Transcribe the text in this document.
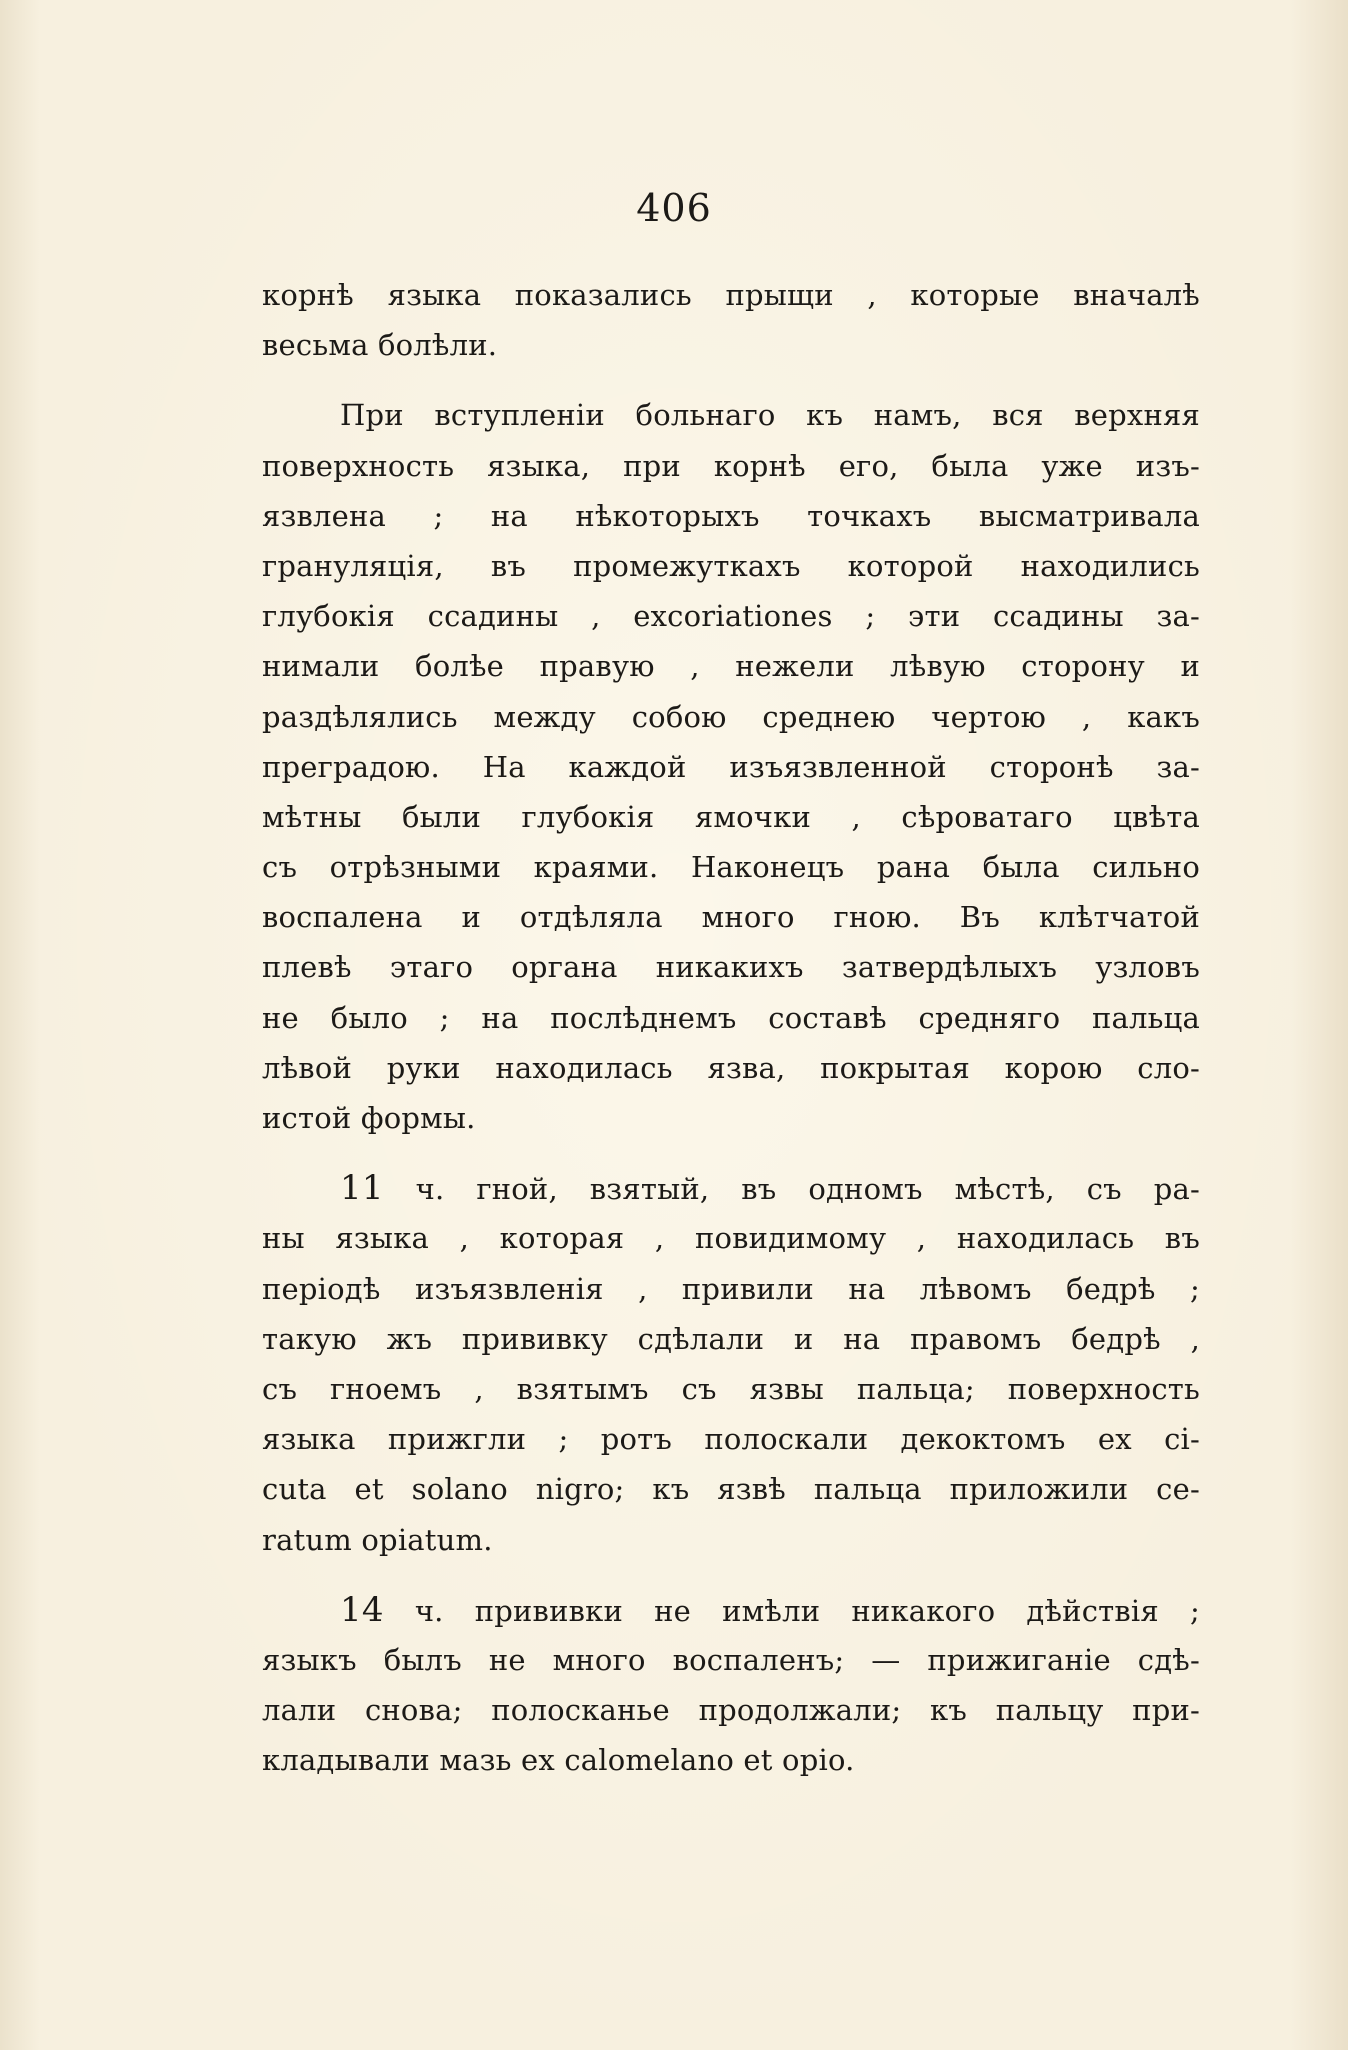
406
корнѣ языка показались прыщи , которые вначалѣ
весьма болѣли.
При вступленіи больнаго къ намъ, вся верхняя
поверхность языка, при корнѣ его, была уже изъ-
язвлена ; на нѣкоторыхъ точкахъ высматривала
грануляція, въ промежуткахъ которой находились
глубокія ссадины , excoriationes ; эти ссадины за-
нимали болѣе правую , нежели лѣвую сторону и
раздѣлялись между собою среднею чертою , какъ
преградою. На каждой изъязвленной сторонѣ за-
мѣтны были глубокія ямочки , сѣроватаго цвѣта
съ отрѣзными краями. Наконецъ рана была сильно
воспалена и отдѣляла много гною. Въ клѣтчатой
плевѣ этаго органа никакихъ затвердѣлыхъ узловъ
не было ; на послѣднемъ составѣ средняго пальца
лѣвой руки находилась язва, покрытая корою сло-
истой формы.
11 ч. гной, взятый, въ одномъ мѣстѣ, съ ра-
ны языка , которая , повидимому , находилась въ
періодѣ изъязвленія , привили на лѣвомъ бедрѣ ;
такую жъ прививку сдѣлали и на правомъ бедрѣ ,
съ гноемъ , взятымъ съ язвы пальца; поверхность
языка прижгли ; ротъ полоскали декоктомъ ex ci-
cuta et solano nigro; къ язвѣ пальца приложили ce-
ratum opiatum.
14 ч. прививки не имѣли никакого дѣйствія ;
языкъ былъ не много воспаленъ; — прижиганіе сдѣ-
лали снова; полосканье продолжали; къ пальцу при-
кладывали мазь ex calomelano et opio.
